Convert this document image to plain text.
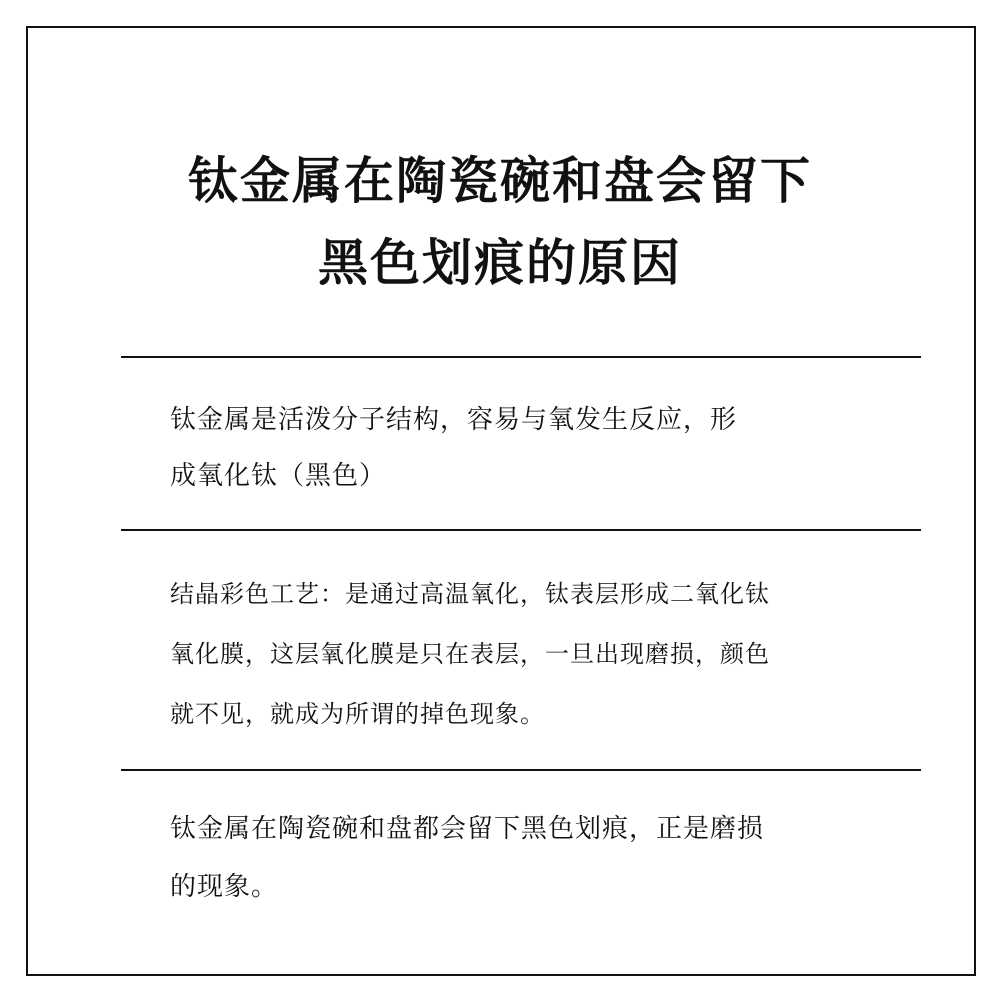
钛金属在陶瓷碗和盘会留下
黑色划痕的原因

钛金属是活泼分子结构，容易与氧发生反应，形
成氧化钛（黑色）

结晶彩色工艺：是通过高温氧化，钛表层形成二氧化钛
氧化膜，这层氧化膜是只在表层，一旦出现磨损，颜色
就不见，就成为所谓的掉色现象。

钛金属在陶瓷碗和盘都会留下黑色划痕，正是磨损
的现象。
